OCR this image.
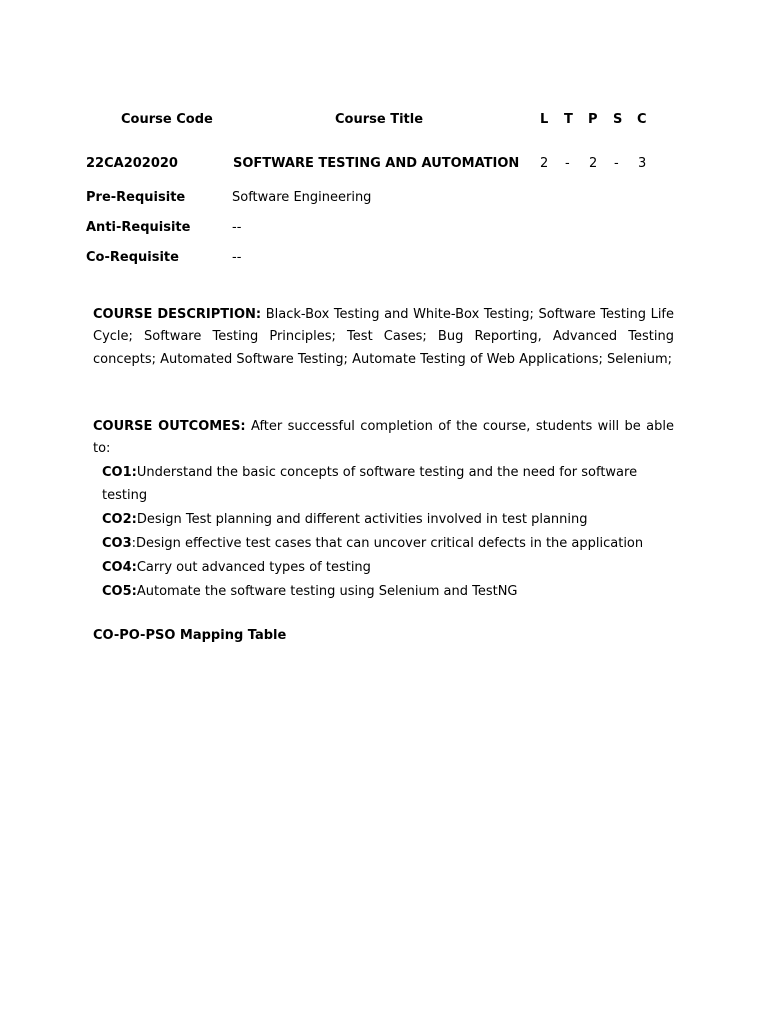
Course Code	Course Title	L T P S C
22CA202020	SOFTWARE TESTING AND AUTOMATION 2 - 2 - 3
Pre-Requisite	Software Engineering
Anti-Requisite	--
Co-Requisite	--

COURSE DESCRIPTION: Black-Box Testing and White-Box Testing; Software Testing Life Cycle; Software Testing Principles; Test Cases; Bug Reporting, Advanced Testing concepts; Automated Software Testing; Automate Testing of Web Applications; Selenium;

COURSE OUTCOMES: After successful completion of the course, students will be able to:

CO1:Understand the basic concepts of software testing and the need for software testing
CO2:Design Test planning and different activities involved in test planning
CO3:Design effective test cases that can uncover critical defects in the application
CO4:Carry out advanced types of testing
CO5:Automate the software testing using Selenium and TestNG
CO-PO-PSO Mapping Table
